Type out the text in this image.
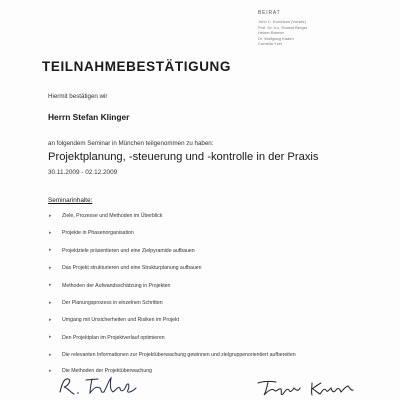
BEIRAT
John C. Kornblum (Vorsitz)
Prof. Dr. h.c. Roland Berger
Heiner Bremer
Dr. Wolfgang Kaden
Cornelia Yzer
TEILNAHMEBESTÄTIGUNG
Hiermit bestätigen wir
Herrn Stefan Klinger
an folgendem Seminar in München teilgenommen zu haben:
Projektplanung, -steuerung und -kontrolle in der Praxis
30.11.2009 - 02.12.2009
Seminarinhalte:
▸	Ziele, Prozesse und Methoden im Überblick
▸	Projekte in Phasenorganisation
▸	Projektziele präsentieren und eine Zielpyramide aufbauen
▸	Das Projekt strukturieren und eine Strukturplanung aufbauen
▸	Methoden der Aufwandsschätzung in Projekten
▸	Der Planungsprozess in einzelnen Schritten
▸	Umgang mit Unsicherheiten und Risiken im Projekt
▸	Den Projektplan im Projektverlauf optimieren
▸	Die relevanten Informationen zur Projektüberwachung gewinnen und zielgruppenorientiert aufbereiten
▸	Die Methoden der Projektüberwachung
